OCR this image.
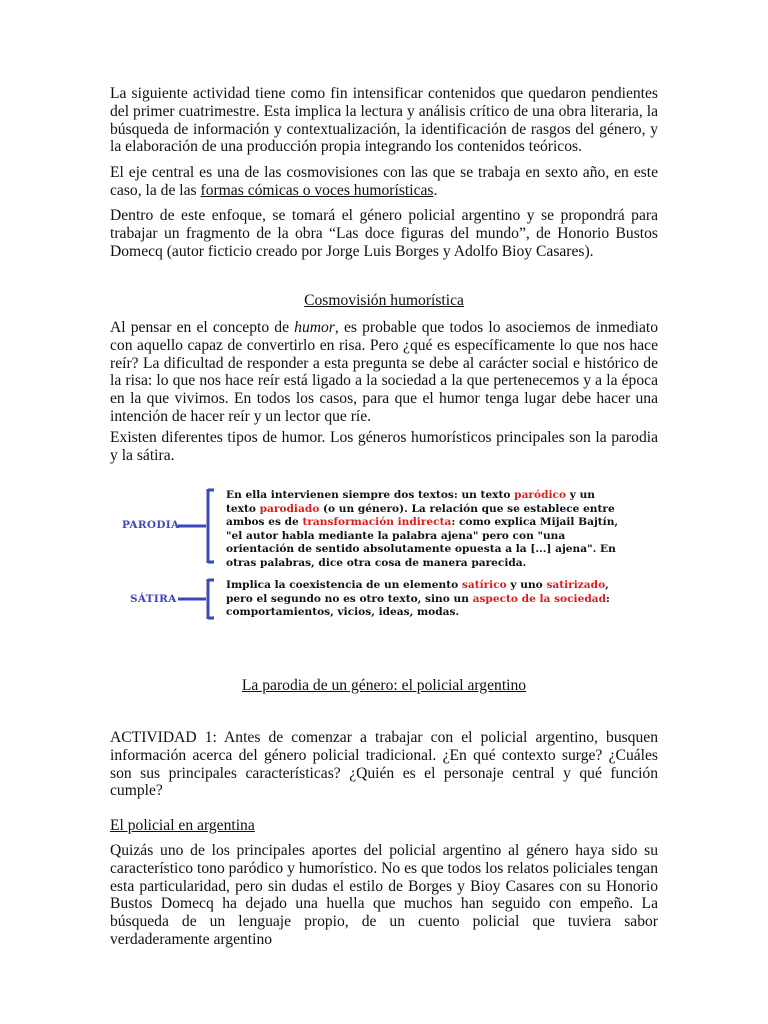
La siguiente actividad tiene como fin intensificar contenidos que quedaron pendientes del primer cuatrimestre. Esta implica la lectura y análisis crítico de una obra literaria, la búsqueda de información y contextualización, la identificación de rasgos del género, y la elaboración de una producción propia integrando los contenidos teóricos.

El eje central es una de las cosmovisiones con las que se trabaja en sexto año, en este caso, la de las formas cómicas o voces humorísticas.

Dentro de este enfoque, se tomará el género policial argentino y se propondrá para trabajar un fragmento de la obra “Las doce figuras del mundo”, de Honorio Bustos Domecq (autor ficticio creado por Jorge Luis Borges y Adolfo Bioy Casares).

Cosmovisión humorística

Al pensar en el concepto de humor, es probable que todos lo asociemos de inmediato con aquello capaz de convertirlo en risa. Pero ¿qué es específicamente lo que nos hace reír? La dificultad de responder a esta pregunta se debe al carácter social e histórico de la risa: lo que nos hace reír está ligado a la sociedad a la que pertenecemos y a la época en la que vivimos. En todos los casos, para que el humor tenga lugar debe hacer una intención de hacer reír y un lector que ríe.

Existen diferentes tipos de humor. Los géneros humorísticos principales son la parodia y la sátira.

PARODIA
En ella intervienen siempre dos textos: un texto paródico y un texto parodiado (o un género). La relación que se establece entre ambos es de transformación indirecta: como explica Mijail Bajtín, "el autor habla mediante la palabra ajena" pero con "una orientación de sentido absolutamente opuesta a la [...] ajena". En otras palabras, dice otra cosa de manera parecida.
SÁTIRA
Implica la coexistencia de un elemento satírico y uno satirizado, pero el segundo no es otro texto, sino un aspecto de la sociedad: comportamientos, vicios, ideas, modas.

La parodia de un género: el policial argentino

ACTIVIDAD 1: Antes de comenzar a trabajar con el policial argentino, busquen información acerca del género policial tradicional. ¿En qué contexto surge? ¿Cuáles son sus principales características? ¿Quién es el personaje central y qué función cumple?

El policial en argentina

Quizás uno de los principales aportes del policial argentino al género haya sido su característico tono paródico y humorístico. No es que todos los relatos policiales tengan esta particularidad, pero sin dudas el estilo de Borges y Bioy Casares con su Honorio Bustos Domecq ha dejado una huella que muchos han seguido con empeño. La búsqueda de un lenguaje propio, de un cuento policial que tuviera sabor verdaderamente argentino
